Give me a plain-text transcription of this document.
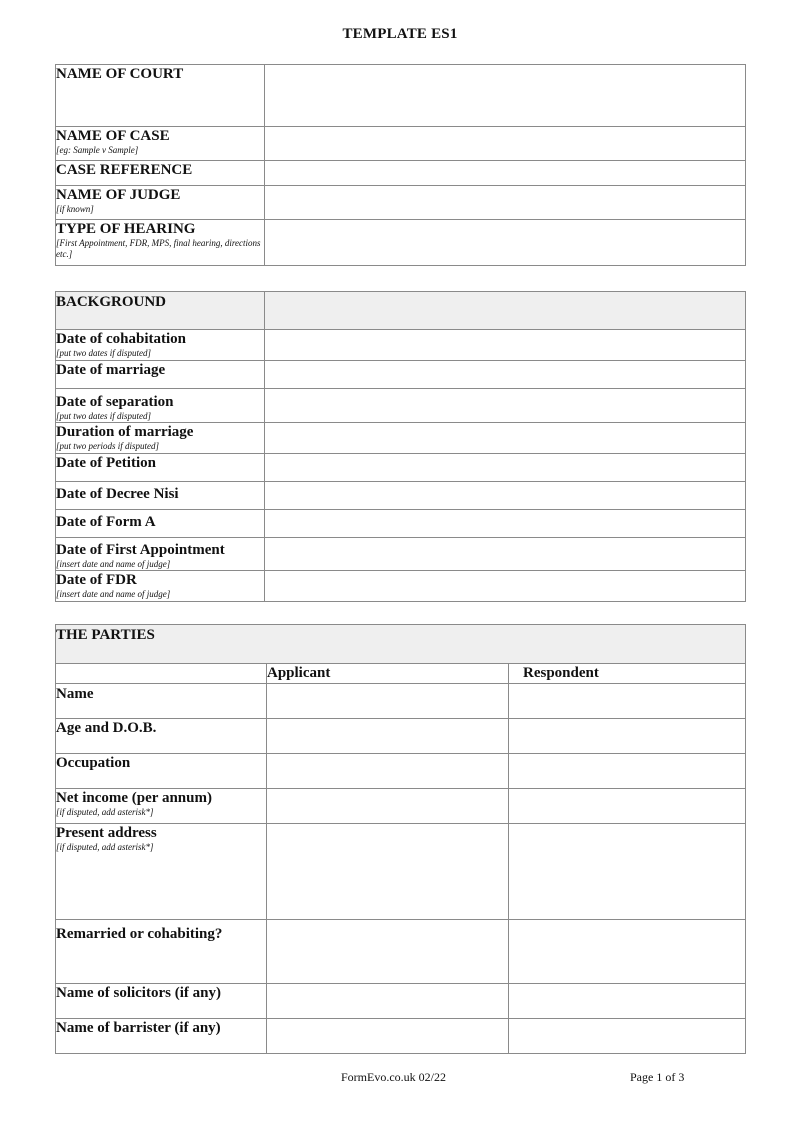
TEMPLATE ES1
NAME OF COURT	

NAME OF CASE
[eg: Sample v Sample]	

CASE REFERENCE	

NAME OF JUDGE
[if known]	

TYPE OF HEARING
[First Appointment, FDR, MPS, final hearing, directions etc.]	

BACKGROUND	

Date of cohabitation
[put two dates if disputed]	

Date of marriage	

Date of separation
[put two dates if disputed]	

Duration of marriage
[put two periods if disputed]	

Date of Petition	

Date of Decree Nisi	

Date of Form A	

Date of First Appointment
[insert date and name of judge]	

Date of FDR
[insert date and name of judge]	

THE PARTIES		

	Applicant	Respondent

Name		

Age and D.O.B.		

Occupation		

Net income (per annum)
[if disputed, add asterisk*]		

Present address
[if disputed, add asterisk*]		

Remarried or cohabiting?		

Name of solicitors (if any)		

Name of barrister (if any)		

FormEvo.co.uk 02/22	Page 1 of 3
